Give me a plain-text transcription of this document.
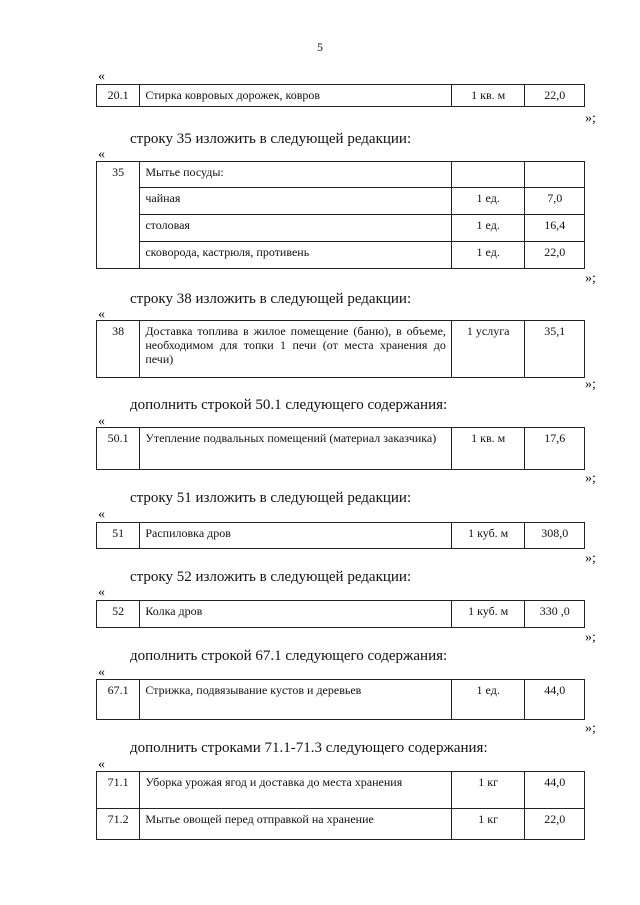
5
«
20.1	Стирка ковровых дорожек, ковров	1 кв. м	22,0
»;
строку 35 изложить в следующей редакции:
«
35	Мытье посуды:		
	чайная	1 ед.	7,0
	столовая	1 ед.	16,4
	сковорода, кастрюля, противень	1 ед.	22,0
»;
строку 38 изложить в следующей редакции:
«
38	Доставка топлива в жилое помещение (баню), в объеме, необходимом для топки 1 печи (от места хранения до печи)	1 услуга	35,1
»;
дополнить строкой 50.1 следующего содержания:
«
50.1	Утепление подвальных помещений (материал заказчика)	1 кв. м	17,6
»;
строку 51 изложить в следующей редакции:
«
51	Распиловка дров	1 куб. м	308,0
»;
строку 52 изложить в следующей редакции:
«
52	Колка дров	1 куб. м	330 ,0
»;
дополнить строкой 67.1 следующего содержания:
«
67.1	Стрижка, подвязывание кустов и деревьев	1 ед.	44,0
»;
дополнить строками 71.1-71.3 следующего содержания:
«
71.1	Уборка урожая ягод и доставка до места хранения	1 кг	44,0
71.2	Мытье овощей перед отправкой на хранение	1 кг	22,0
